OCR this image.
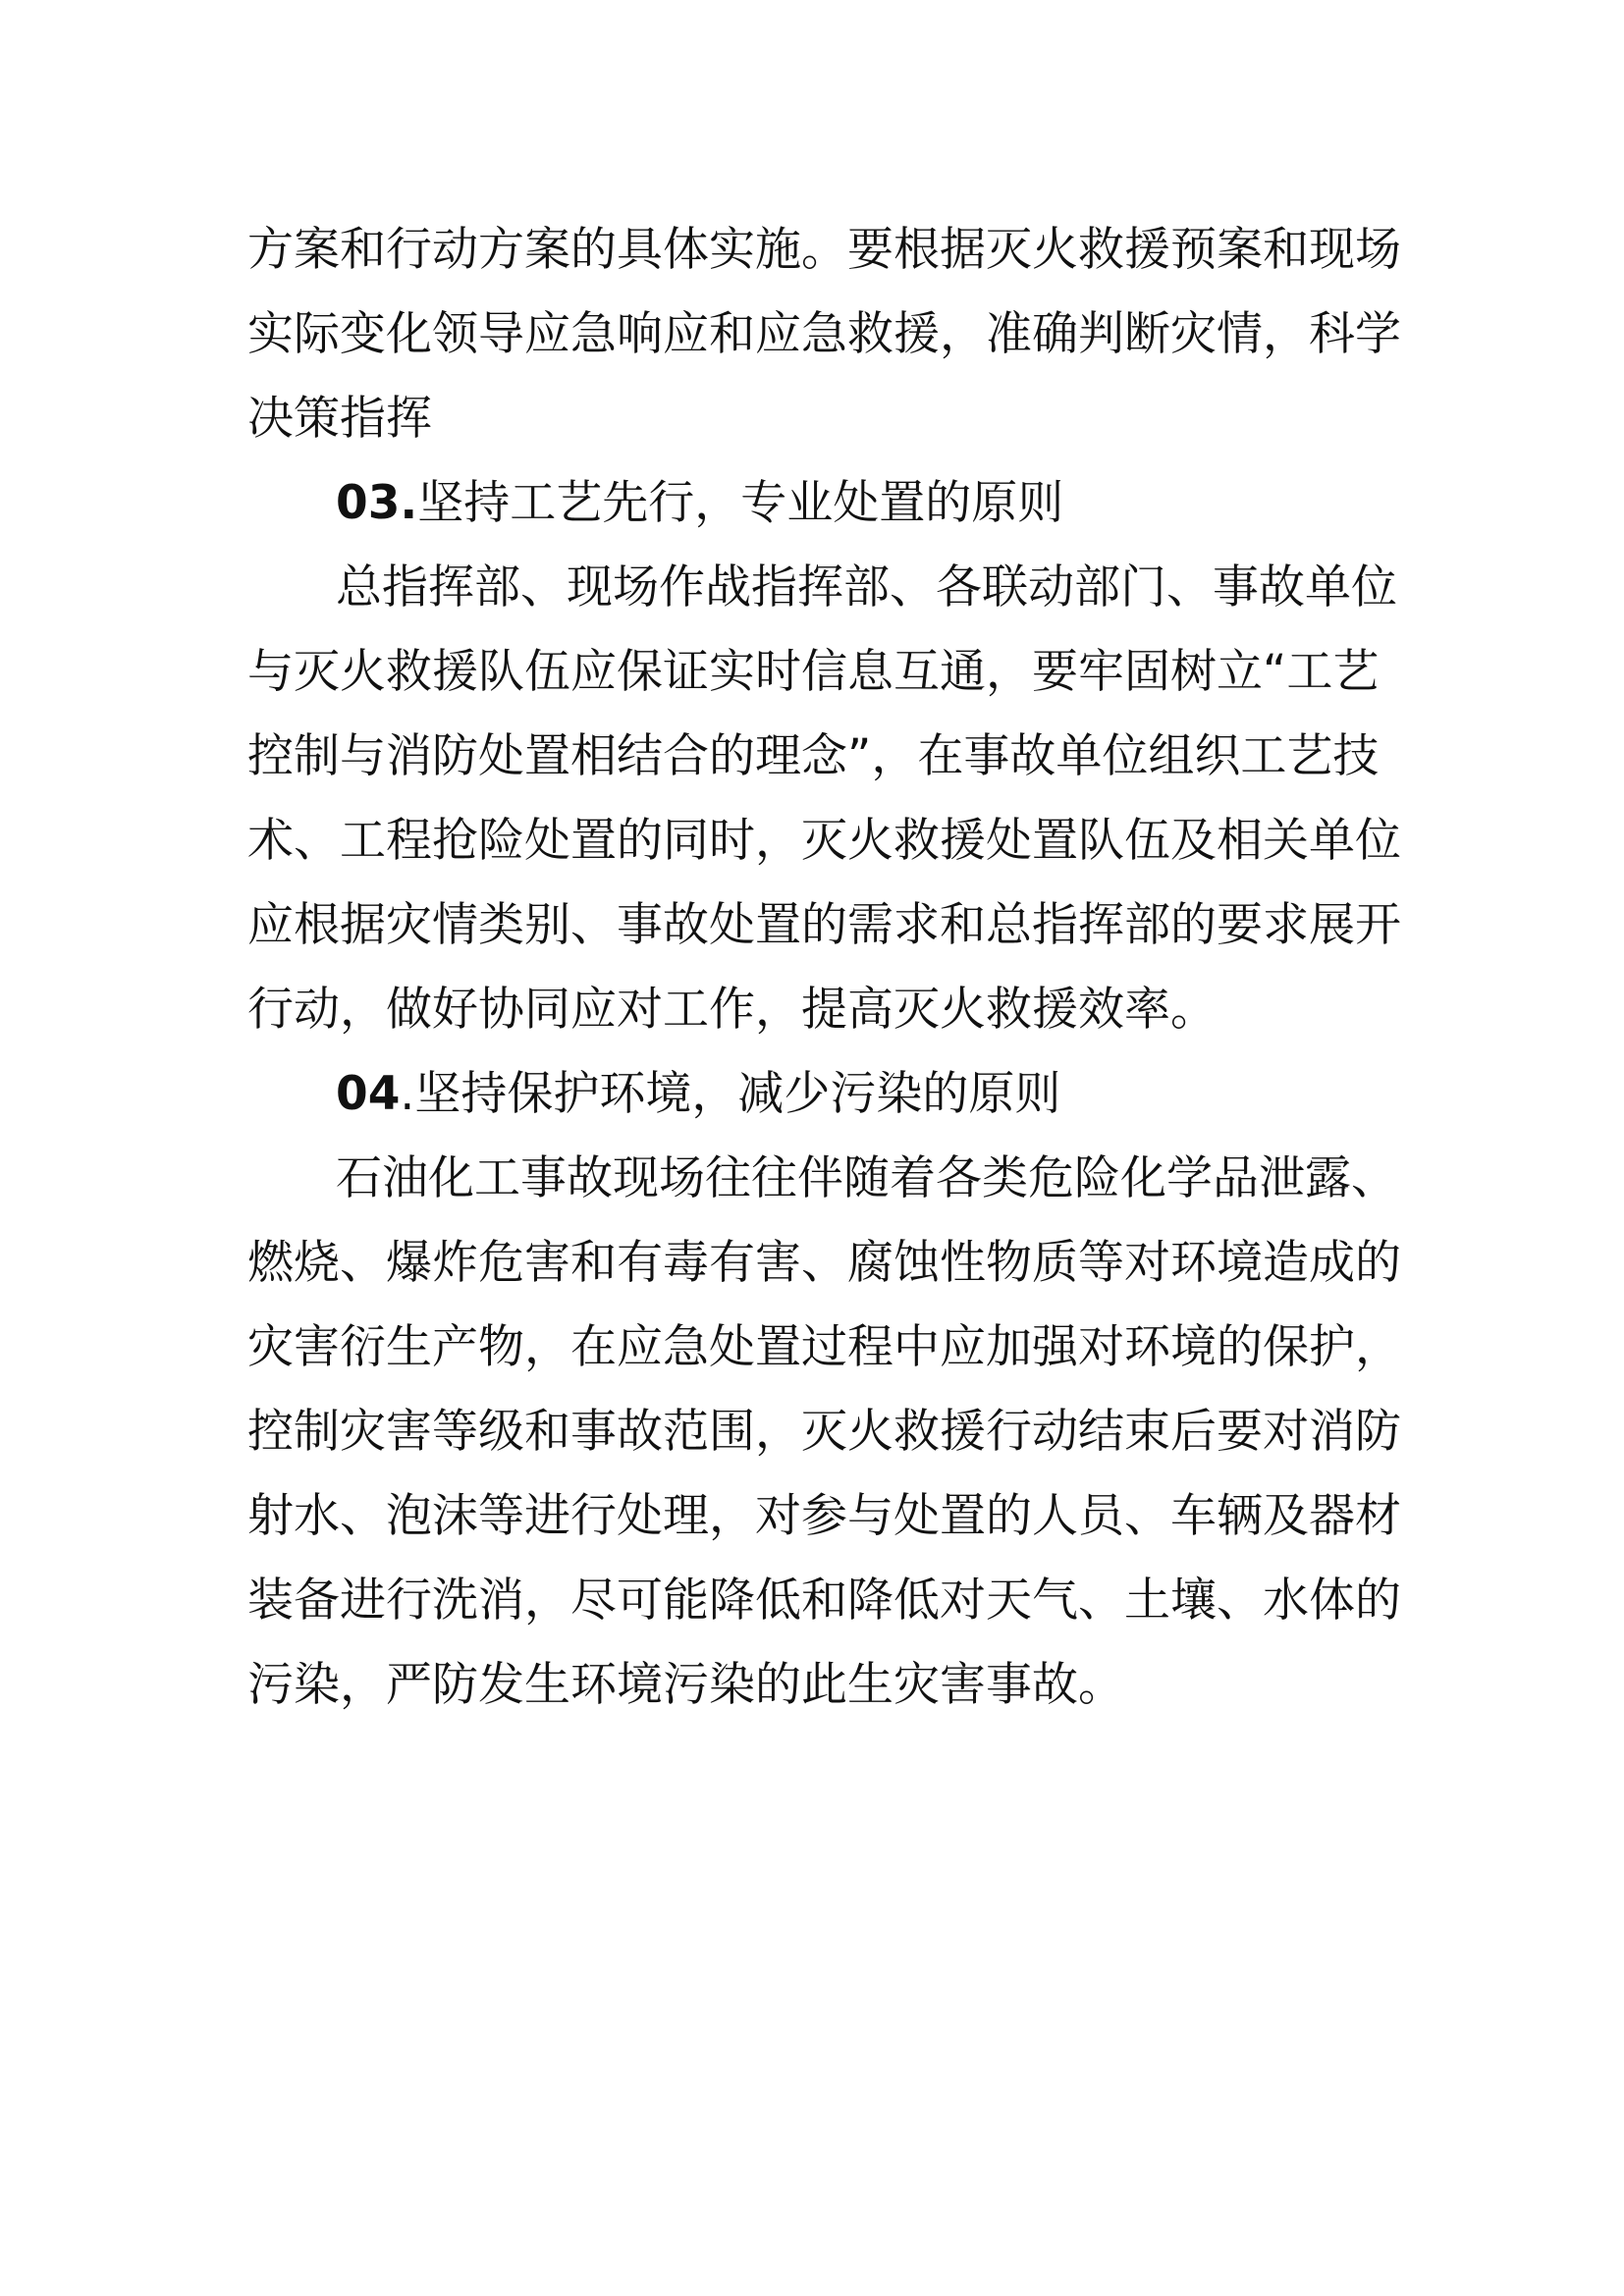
方案和行动方案的具体实施。要根据灭火救援预案和现场
实际变化领导应急响应和应急救援，准确判断灾情，科学
决策指挥
03.坚持工艺先行，专业处置的原则
总指挥部、现场作战指挥部、各联动部门、事故单位
与灭火救援队伍应保证实时信息互通，要牢固树立“工艺
控制与消防处置相结合的理念”，在事故单位组织工艺技
术、工程抢险处置的同时，灭火救援处置队伍及相关单位
应根据灾情类别、事故处置的需求和总指挥部的要求展开
行动，做好协同应对工作，提高灭火救援效率。
04.坚持保护环境，减少污染的原则
石油化工事故现场往往伴随着各类危险化学品泄露、
燃烧、爆炸危害和有毒有害、腐蚀性物质等对环境造成的
灾害衍生产物，在应急处置过程中应加强对环境的保护，
控制灾害等级和事故范围，灭火救援行动结束后要对消防
射水、泡沫等进行处理，对参与处置的人员、车辆及器材
装备进行洗消，尽可能降低和降低对天气、土壤、水体的
污染，严防发生环境污染的此生灾害事故。
